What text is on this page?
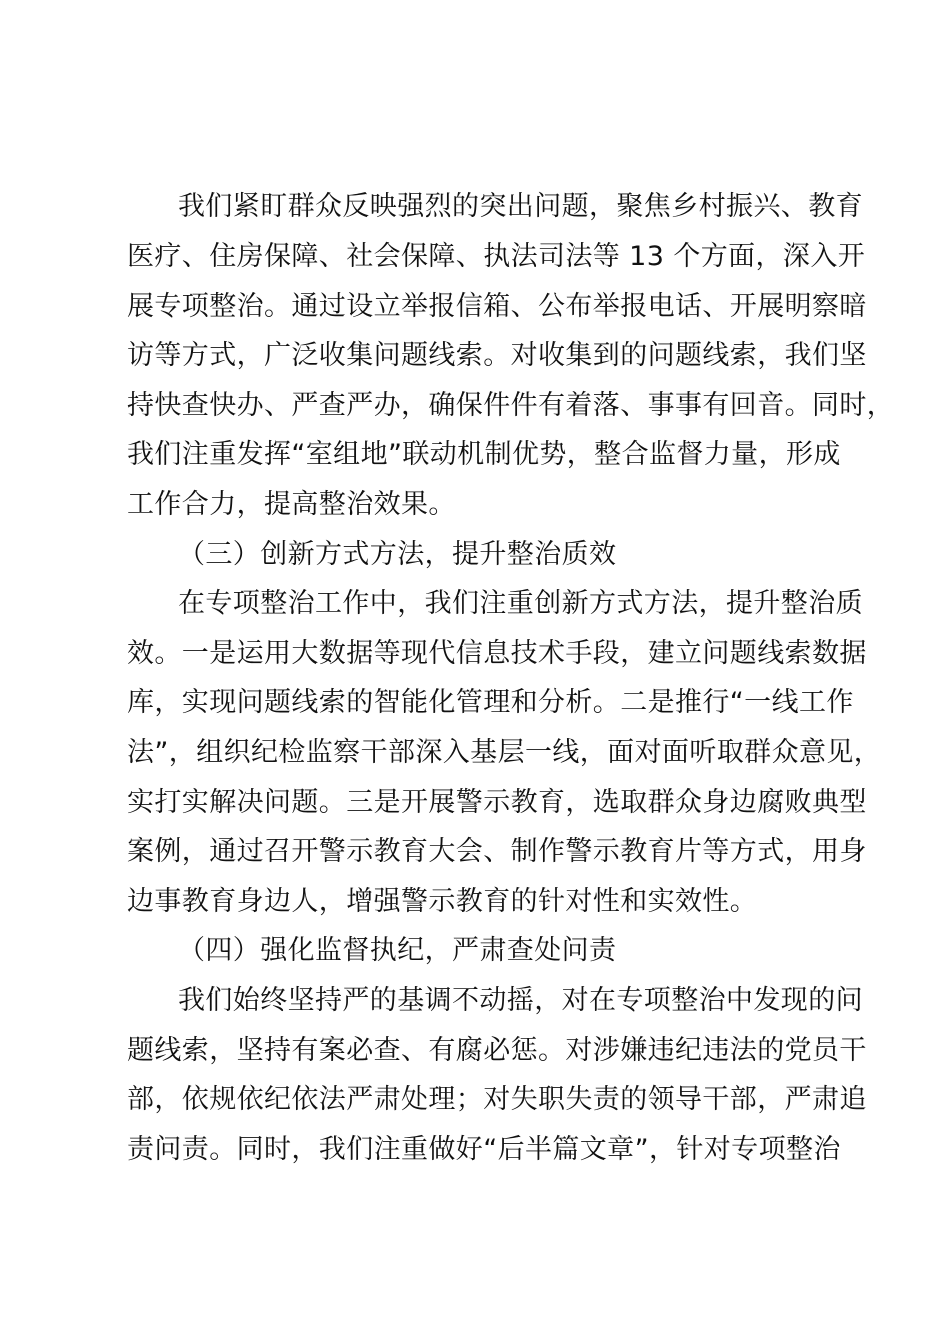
我们紧盯群众反映强烈的突出问题，聚焦乡村振兴、教育
医疗、住房保障、社会保障、执法司法等 13 个方面，深入开
展专项整治。通过设立举报信箱、公布举报电话、开展明察暗
访等方式，广泛收集问题线索。对收集到的问题线索，我们坚
持快查快办、严查严办，确保件件有着落、事事有回音。同时，
我们注重发挥“室组地”联动机制优势，整合监督力量，形成
工作合力，提高整治效果。
（三）创新方式方法，提升整治质效
在专项整治工作中，我们注重创新方式方法，提升整治质
效。一是运用大数据等现代信息技术手段，建立问题线索数据
库，实现问题线索的智能化管理和分析。二是推行“一线工作
法”，组织纪检监察干部深入基层一线，面对面听取群众意见，
实打实解决问题。三是开展警示教育，选取群众身边腐败典型
案例，通过召开警示教育大会、制作警示教育片等方式，用身
边事教育身边人，增强警示教育的针对性和实效性。
（四）强化监督执纪，严肃查处问责
我们始终坚持严的基调不动摇，对在专项整治中发现的问
题线索，坚持有案必查、有腐必惩。对涉嫌违纪违法的党员干
部，依规依纪依法严肃处理；对失职失责的领导干部，严肃追
责问责。同时，我们注重做好“后半篇文章”，针对专项整治
